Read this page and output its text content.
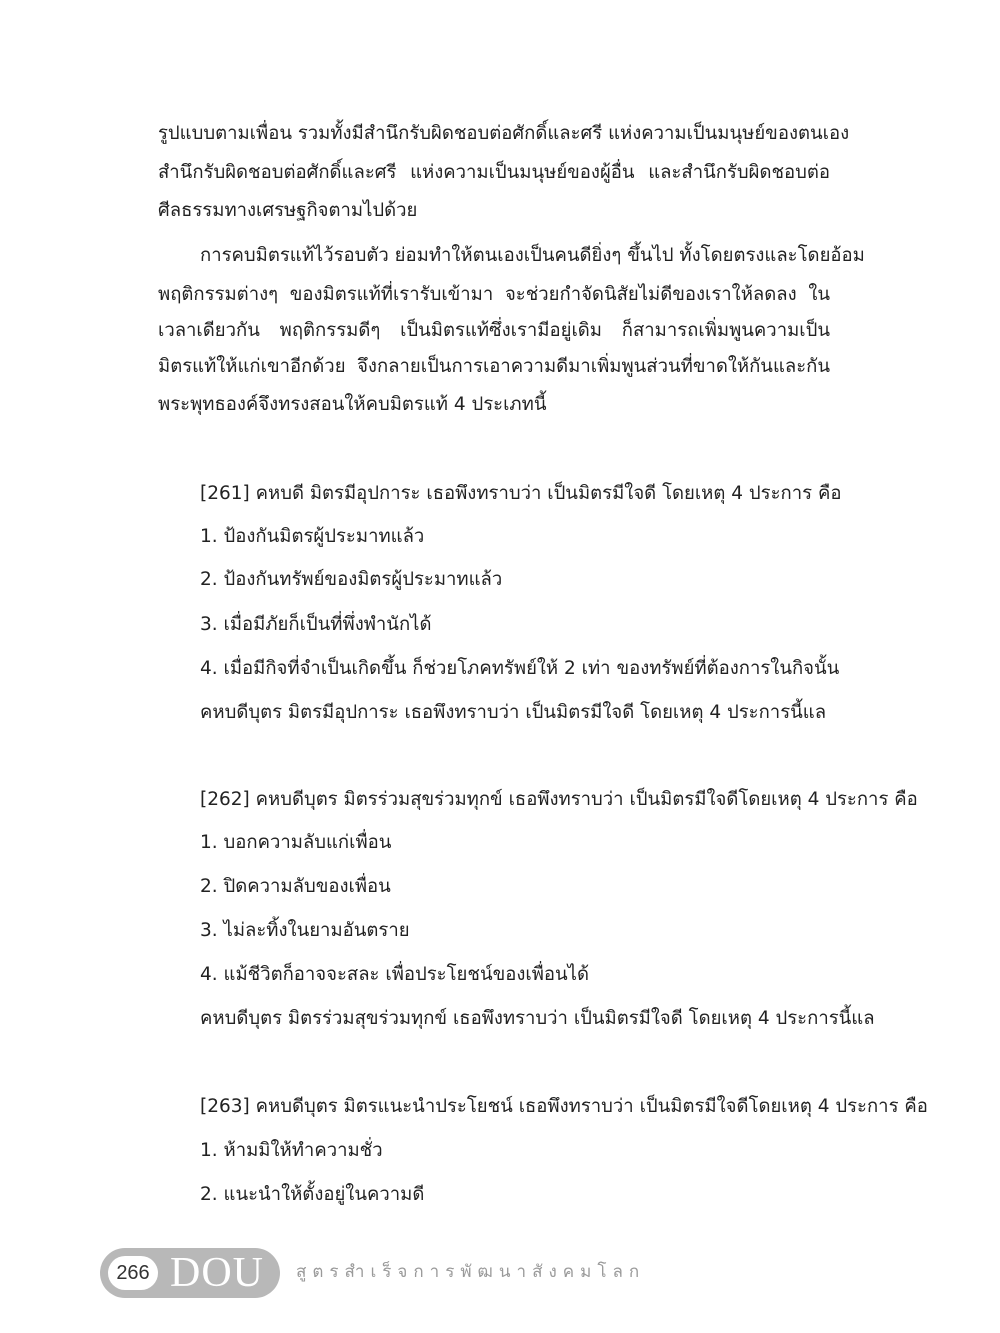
รูปแบบตามเพื่อน รวมทั้งมีสำนึกรับผิดชอบต่อศักดิ์และศรี แห่งความเป็นมนุษย์ของตนเอง
สำนึกรับผิดชอบต่อศักดิ์และศรี แห่งความเป็นมนุษย์ของผู้อื่น และสำนึกรับผิดชอบต่อ
ศีลธรรมทางเศรษฐกิจตามไปด้วย
การคบมิตรแท้ไว้รอบตัว ย่อมทำให้ตนเองเป็นคนดียิ่งๆ ขึ้นไป ทั้งโดยตรงและโดยอ้อม
พฤติกรรมต่างๆ ของมิตรแท้ที่เรารับเข้ามา จะช่วยกำจัดนิสัยไม่ดีของเราให้ลดลง ใน
เวลาเดียวกัน พฤติกรรมดีๆ เป็นมิตรแท้ซึ่งเรามีอยู่เดิม ก็สามารถเพิ่มพูนความเป็น
มิตรแท้ให้แก่เขาอีกด้วย จึงกลายเป็นการเอาความดีมาเพิ่มพูนส่วนที่ขาดให้กันและกัน
พระพุทธองค์จึงทรงสอนให้คบมิตรแท้ 4 ประเภทนี้
[261] คหบดี มิตรมีอุปการะ เธอพึงทราบว่า เป็นมิตรมีใจดี โดยเหตุ 4 ประการ คือ
1. ป้องกันมิตรผู้ประมาทแล้ว
2. ป้องกันทรัพย์ของมิตรผู้ประมาทแล้ว
3. เมื่อมีภัยก็เป็นที่พึ่งพำนักได้
4. เมื่อมีกิจที่จำเป็นเกิดขึ้น ก็ช่วยโภคทรัพย์ให้ 2 เท่า ของทรัพย์ที่ต้องการในกิจนั้น
คหบดีบุตร มิตรมีอุปการะ เธอพึงทราบว่า เป็นมิตรมีใจดี โดยเหตุ 4 ประการนี้แล
[262] คหบดีบุตร มิตรร่วมสุขร่วมทุกข์ เธอพึงทราบว่า เป็นมิตรมีใจดีโดยเหตุ 4 ประการ คือ
1. บอกความลับแก่เพื่อน
2. ปิดความลับของเพื่อน
3. ไม่ละทิ้งในยามอันตราย
4. แม้ชีวิตก็อาจจะสละ เพื่อประโยชน์ของเพื่อนได้
คหบดีบุตร มิตรร่วมสุขร่วมทุกข์ เธอพึงทราบว่า เป็นมิตรมีใจดี โดยเหตุ 4 ประการนี้แล
[263] คหบดีบุตร มิตรแนะนำประโยชน์ เธอพึงทราบว่า เป็นมิตรมีใจดีโดยเหตุ 4 ประการ คือ
1. ห้ามมิให้ทำความชั่ว
2. แนะนำให้ตั้งอยู่ในความดี
266 DOU สูตรสำเร็จการพัฒนาสังคมโลก
